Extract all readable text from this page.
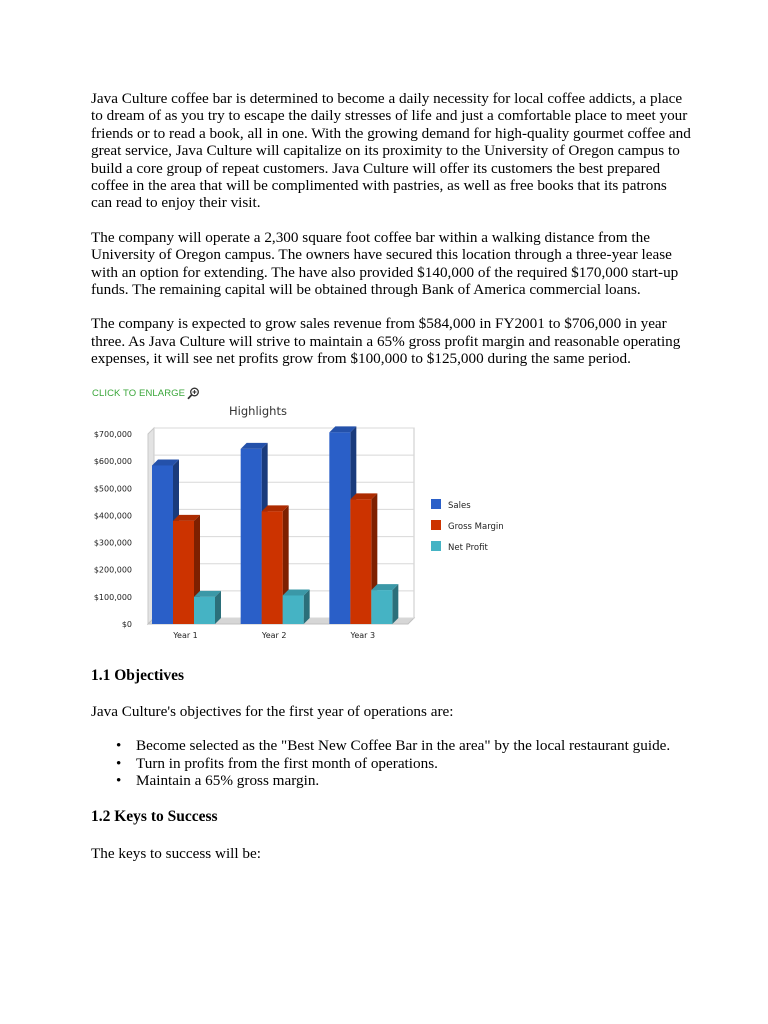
Java Culture coffee bar is determined to become a daily necessity for local coffee addicts, a place to dream of as you try to escape the daily stresses of life and just a comfortable place to meet your friends or to read a book, all in one. With the growing demand for high-quality gourmet coffee and great service, Java Culture will capitalize on its proximity to the University of Oregon campus to build a core group of repeat customers. Java Culture will offer its customers the best prepared coffee in the area that will be complimented with pastries, as well as free books that its patrons can read to enjoy their visit.

The company will operate a 2,300 square foot coffee bar within a walking distance from the University of Oregon campus. The owners have secured this location through a three-year lease with an option for extending. The have also provided $140,000 of the required $170,000 start-up funds. The remaining capital will be obtained through Bank of America commercial loans.

The company is expected to grow sales revenue from $584,000 in FY2001 to $706,000 in year three. As Java Culture will strive to maintain a 65% gross profit margin and reasonable operating expenses, it will see net profits grow from $100,000 to $125,000 during the same period.

CLICK TO ENLARGE
$0
$100,000
$200,000
$300,000
$400,000
$500,000
$600,000
$700,000
Highlights
Year 1	Year 2	Year 3
Sales
Gross Margin
Net Profit
1.1 Objectives

Java Culture's objectives for the first year of operations are:

• Become selected as the "Best New Coffee Bar in the area" by the local restaurant guide.
• Turn in profits from the first month of operations.
• Maintain a 65% gross margin.
1.2 Keys to Success

The keys to success will be:
